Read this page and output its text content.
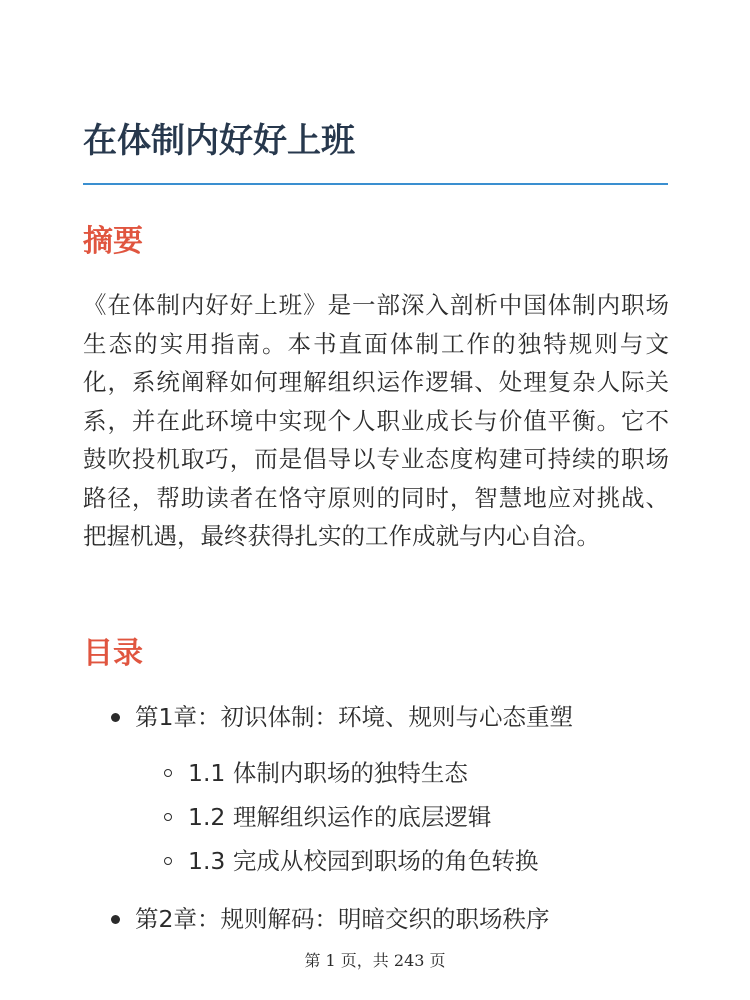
在体制内好好上班
摘要

《在体制内好好上班》是一部深入剖析中国体制内职场生态的实用指南。本书直面体制工作的独特规则与文化，系统阐释如何理解组织运作逻辑、处理复杂人际关系，并在此环境中实现个人职业成长与价值平衡。它不鼓吹投机取巧，而是倡导以专业态度构建可持续的职场路径，帮助读者在恪守原则的同时，智慧地应对挑战、把握机遇，最终获得扎实的工作成就与内心自洽。

目录
第1章：初识体制：环境、规则与心态重塑
1.1 体制内职场的独特生态
1.2 理解组织运作的底层逻辑
1.3 完成从校园到职场的角色转换
第2章：规则解码：明暗交织的职场秩序
第 1 页，共 243 页
